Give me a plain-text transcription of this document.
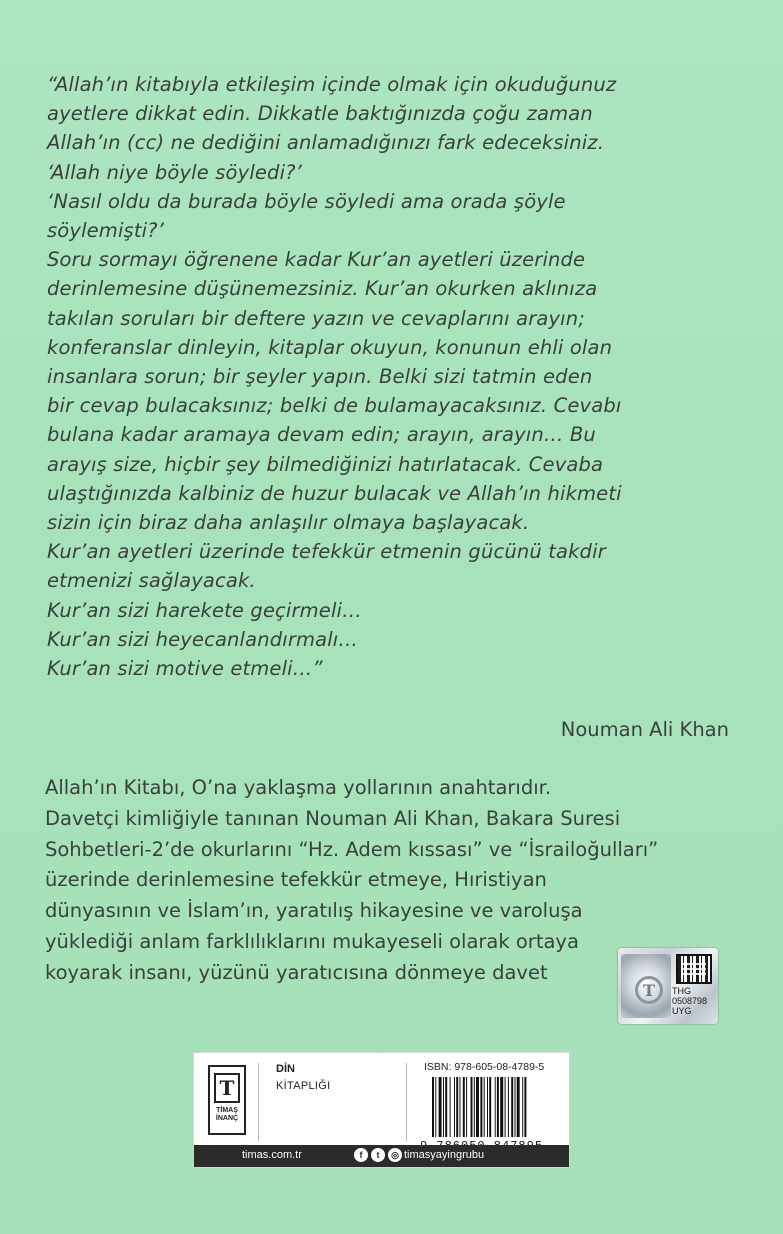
“Allah’ın kitabıyla etkileşim içinde olmak için okuduğunuz
ayetlere dikkat edin. Dikkatle baktığınızda çoğu zaman
Allah’ın (cc) ne dediğini anlamadığınızı fark edeceksiniz.
‘Allah niye böyle söyledi?’
‘Nasıl oldu da burada böyle söyledi ama orada şöyle
söylemişti?’
Soru sormayı öğrenene kadar Kur’an ayetleri üzerinde
derinlemesine düşünemezsiniz. Kur’an okurken aklınıza
takılan soruları bir deftere yazın ve cevaplarını arayın;
konferanslar dinleyin, kitaplar okuyun, konunun ehli olan
insanlara sorun; bir şeyler yapın. Belki sizi tatmin eden
bir cevap bulacaksınız; belki de bulamayacaksınız. Cevabı
bulana kadar aramaya devam edin; arayın, arayın… Bu
arayış size, hiçbir şey bilmediğinizi hatırlatacak. Cevaba
ulaştığınızda kalbiniz de huzur bulacak ve Allah’ın hikmeti
sizin için biraz daha anlaşılır olmaya başlayacak.
Kur’an ayetleri üzerinde tefekkür etmenin gücünü takdir
etmenizi sağlayacak.
Kur’an sizi harekete geçirmeli…
Kur’an sizi heyecanlandırmalı…
Kur’an sizi motive etmeli…”
Nouman Ali Khan
Allah’ın Kitabı, O’na yaklaşma yollarının anahtarıdır.
Davetçi kimliğiyle tanınan Nouman Ali Khan, Bakara Suresi
Sohbetleri-2’de okurlarını “Hz. Adem kıssası” ve “İsrailoğulları”
üzerinde derinlemesine tefekkür etmeye, Hıristiyan
dünyasının ve İslam’ın, yaratılış hikayesine ve varoluşa
yüklediği anlam farklılıklarını mukayeseli olarak ortaya
koyarak insanı, yüzünü yaratıcısına dönmeye davet
T	THG
0508798
UYG
T
TİMAŞ
İNANÇ
DİN
KİTAPLIĞI
ISBN: 978-605-08-4789-5
timas.com.tr	f	t	◎ timasyayingrubu
